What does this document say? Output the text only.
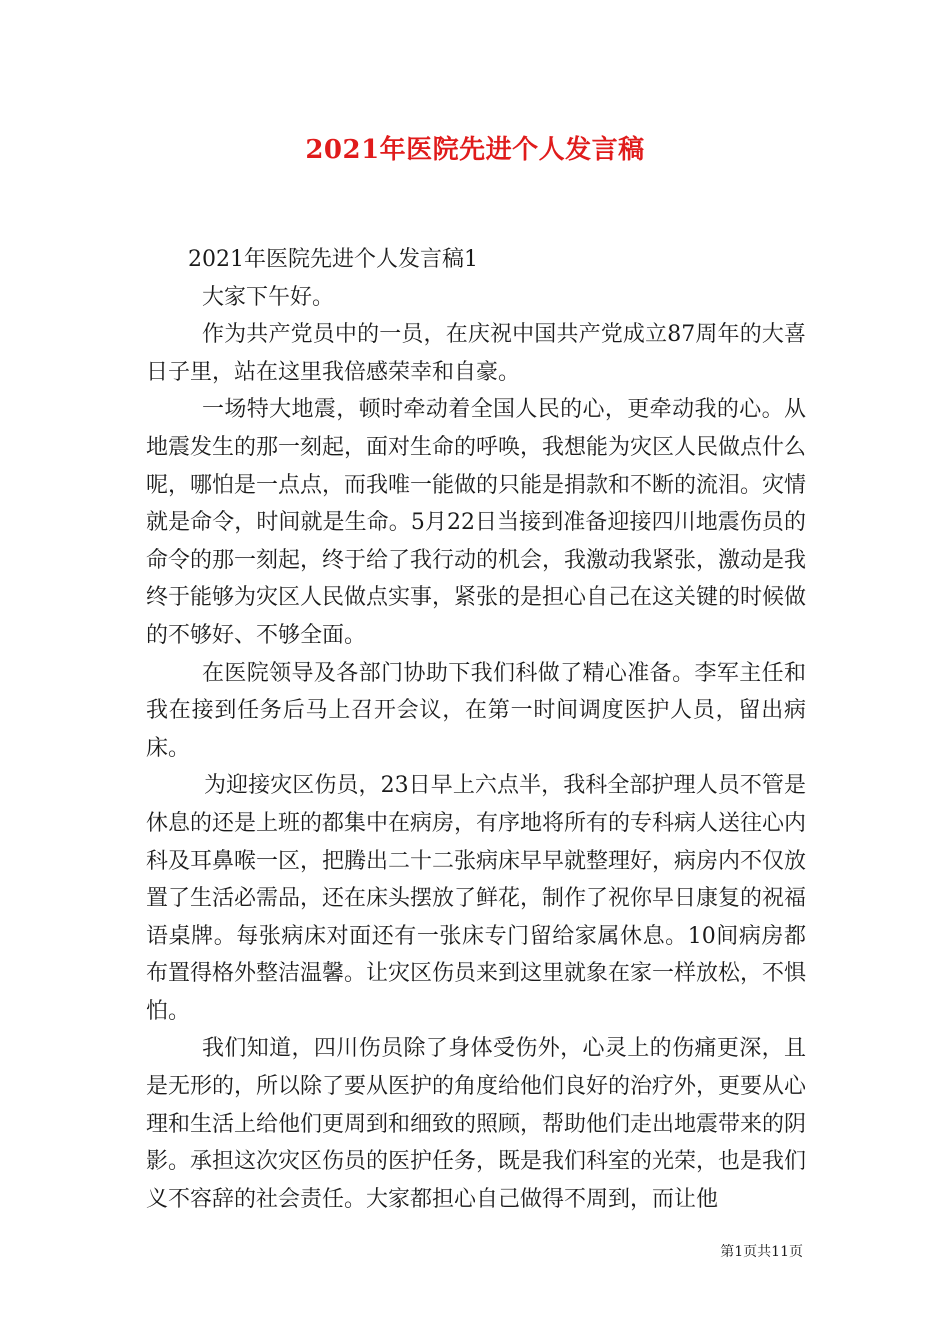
2021年医院先进个人发言稿

2021年医院先进个人发言稿1

大家下午好。

作为共产党员中的一员，在庆祝中国共产党成立87周年的大喜日子里，站在这里我倍感荣幸和自豪。

一场特大地震，顿时牵动着全国人民的心，更牵动我的心。从地震发生的那一刻起，面对生命的呼唤，我想能为灾区人民做点什么呢，哪怕是一点点，而我唯一能做的只能是捐款和不断的流泪。灾情就是命令，时间就是生命。5月22日当接到准备迎接四川地震伤员的命令的那一刻起，终于给了我行动的机会，我激动我紧张，激动是我终于能够为灾区人民做点实事，紧张的是担心自己在这关键的时候做的不够好、不够全面。

在医院领导及各部门协助下我们科做了精心准备。李军主任和我在接到任务后马上召开会议，在第一时间调度医护人员，留出病床。

为迎接灾区伤员，23日早上六点半，我科全部护理人员不管是休息的还是上班的都集中在病房，有序地将所有的专科病人送往心内科及耳鼻喉一区，把腾出二十二张病床早早就整理好，病房内不仅放置了生活必需品，还在床头摆放了鲜花，制作了祝你早日康复的祝福语桌牌。每张病床对面还有一张床专门留给家属休息。10间病房都布置得格外整洁温馨。让灾区伤员来到这里就象在家一样放松，不惧怕。

我们知道，四川伤员除了身体受伤外，心灵上的伤痛更深，且是无形的，所以除了要从医护的角度给他们良好的治疗外，更要从心理和生活上给他们更周到和细致的照顾，帮助他们走出地震带来的阴影。承担这次灾区伤员的医护任务，既是我们科室的光荣，也是我们义不容辞的社会责任。大家都担心自己做得不周到，而让他

第1页共11页
